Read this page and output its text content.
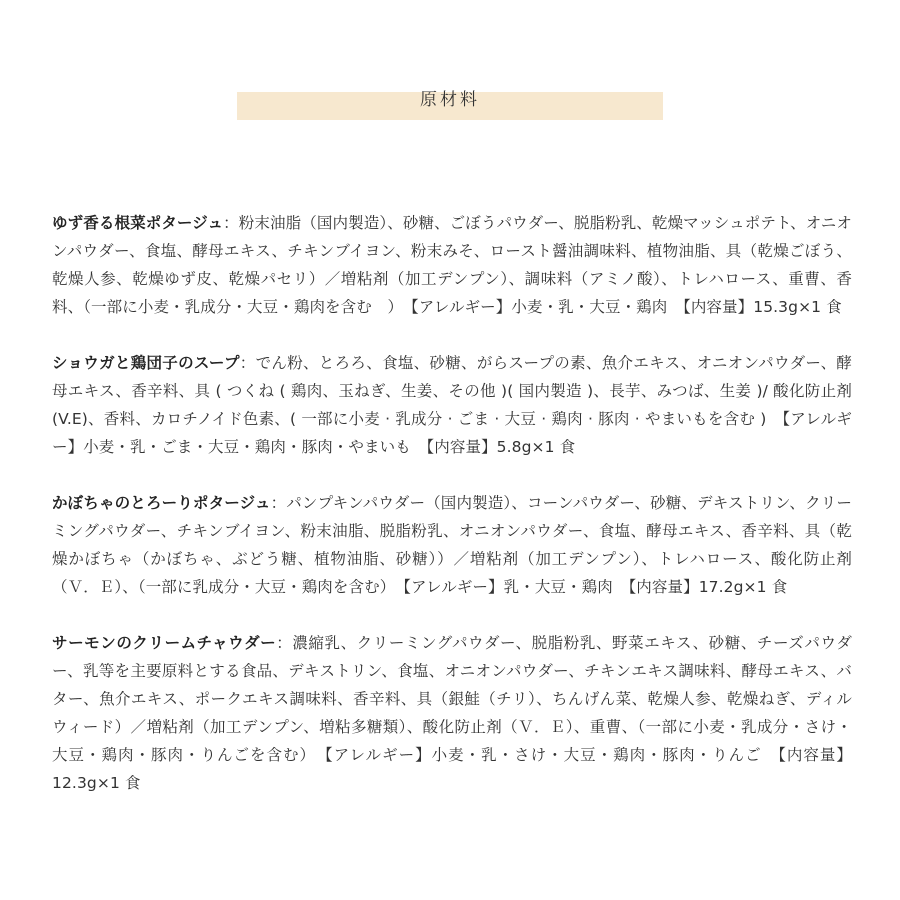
原材料

ゆず香る根菜ポタージュ：粉末油脂（国内製造）、砂糖、ごぼうパウダー、脱脂粉乳、乾燥マッシュポテト、オニオンパウダー、食塩、酵母エキス、チキンブイヨン、粉末みそ、ロースト醤油調味料、植物油脂、具（乾燥ごぼう、乾燥人参、乾燥ゆず皮、乾燥パセリ）／増粘剤（加工デンプン）、調味料（アミノ酸）、トレハロース、重曹、香料、（一部に小麦・乳成分・大豆・鶏肉を含む　）　 【アレルギー】小麦・乳・大豆・鶏肉　 【内容量】15.3g×1 食

ショウガと鶏団子のスープ：でん粉、とろろ、食塩、砂糖、がらスープの素、魚介エキス、オニオンパウダー、酵母エキス、香辛料、具 ( つくね ( 鶏肉、玉ねぎ、生姜、その他 )( 国内製造 )、長芋、みつば、生姜 )/ 酸化防止剤 (V.E)、香料、カロチノイド色素、( 一部に小麦 · 乳成分 · ごま · 大豆 · 鶏肉 · 豚肉 · やまいもを含む )　 【アレルギー】小麦・乳・ごま・大豆・鶏肉・豚肉・やまいも　 【内容量】5.8g×1 食

かぼちゃのとろーりポタージュ：パンプキンパウダー（国内製造）、コーンパウダー、砂糖、デキストリン、クリーミングパウダー、チキンブイヨン、粉末油脂、脱脂粉乳、オニオンパウダー、食塩、酵母エキス、香辛料、具（乾燥かぼちゃ（かぼちゃ、ぶどう糖、植物油脂、砂糖））／増粘剤（加工デンプン）、トレハロース、酸化防止剤（Ｖ．Ｅ）、（一部に乳成分・大豆・鶏肉を含む）　 【アレルギー】乳・大豆・鶏肉　 【内容量】17.2g×1 食

サーモンのクリームチャウダー：濃縮乳、クリーミングパウダー、脱脂粉乳、野菜エキス、砂糖、チーズパウダー、乳等を主要原料とする食品、デキストリン、食塩、オニオンパウダー、チキンエキス調味料、酵母エキス、バター、魚介エキス、ポークエキス調味料、香辛料、具（銀鮭（チリ）、ちんげん菜、乾燥人参、乾燥ねぎ、ディルウィード）／増粘剤（加工デンプン、増粘多糖類）、酸化防止剤（Ｖ．Ｅ）、重曹、（一部に小麦・乳成分・さけ・大豆・鶏肉・豚肉・りんごを含む）　 【アレルギー】小麦・乳・さけ・大豆・鶏肉・豚肉・りんご　 【内容量】12.3g×1 食
